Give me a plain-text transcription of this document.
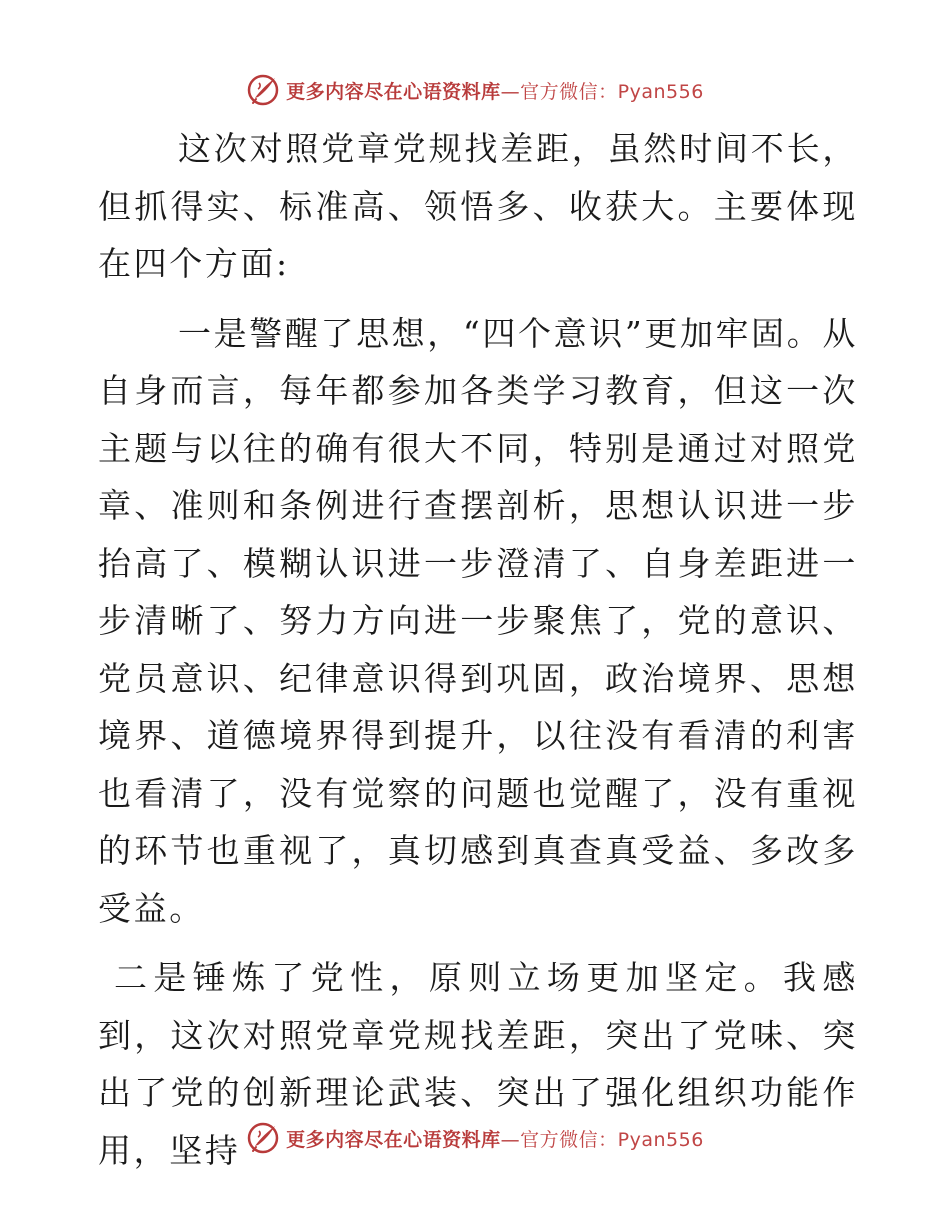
更多内容尽在心语资料库—官方微信：Pyan556

这次对照党章党规找差距，虽然时间不长，但抓得实、标准高、领悟多、收获大。主要体现在四个方面:

一是警醒了思想，“四个意识”更加牢固。从自身而言，每年都参加各类学习教育，但这一次主题与以往的确有很大不同，特别是通过对照党章、准则和条例进行查摆剖析，思想认识进一步抬高了、模糊认识进一步澄清了、自身差距进一步清晰了、努力方向进一步聚焦了，党的意识、党员意识、纪律意识得到巩固，政治境界、思想境界、道德境界得到提升，以往没有看清的利害也看清了，没有觉察的问题也觉醒了，没有重视的环节也重视了，真切感到真查真受益、多改多受益。

二是锤炼了党性，原则立场更加坚定。我感到，这次对照党章党规找差距，突出了党味、突出了党的创新理论武装、突出了强化组织功能作用，坚持	更多内容尽在心语资料库—官方微信：Pyan556
